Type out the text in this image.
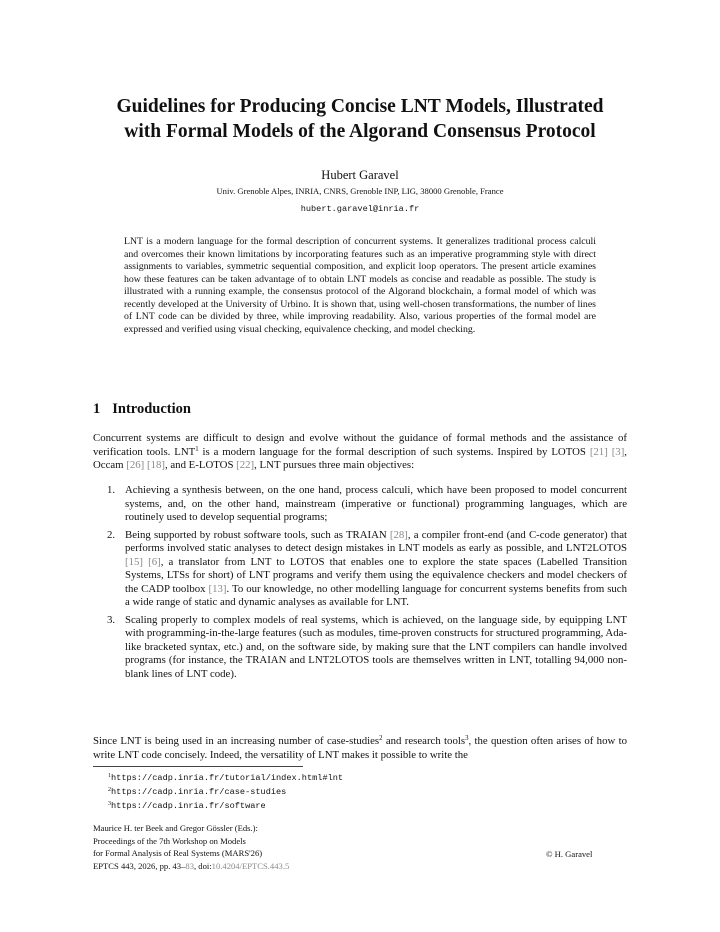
Guidelines for Producing Concise LNT Models, Illustrated
with Formal Models of the Algorand Consensus Protocol
Hubert Garavel
Univ. Grenoble Alpes, INRIA, CNRS, Grenoble INP, LIG, 38000 Grenoble, France
hubert.garavel@inria.fr

LNT is a modern language for the formal description of concurrent systems. It generalizes traditional process calculi and overcomes their known limitations by incorporating features such as an imperative programming style with direct assignments to variables, symmetric sequential composition, and explicit loop operators. The present article examines how these features can be taken advantage of to obtain LNT models as concise and readable as possible. The study is illustrated with a running example, the consensus protocol of the Algorand blockchain, a formal model of which was recently developed at the University of Urbino. It is shown that, using well-chosen transformations, the number of lines of LNT code can be divided by three, while improving readability. Also, various properties of the formal model are expressed and verified using visual checking, equivalence checking, and model checking.

1 Introduction

Concurrent systems are difficult to design and evolve without the guidance of formal methods and the assistance of verification tools. LNT$^1$ is a modern language for the formal description of such systems. Inspired by LOTOS [21] [3], Occam [26] [18], and E-LOTOS [22], LNT pursues three main objectives:

1. Achieving a synthesis between, on the one hand, process calculi, which have been proposed to model concurrent systems, and, on the other hand, mainstream (imperative or functional) programming languages, which are routinely used to develop sequential programs;
2. Being supported by robust software tools, such as TRAIAN [28], a compiler front-end (and C-code generator) that performs involved static analyses to detect design mistakes in LNT models as early as possible, and LNT2LOTOS [15] [6], a translator from LNT to LOTOS that enables one to explore the state spaces (Labelled Transition Systems, LTSs for short) of LNT programs and verify them using the equivalence checkers and model checkers of the CADP toolbox [13]. To our knowledge, no other modelling language for concurrent systems benefits from such a wide range of static and dynamic analyses as available for LNT.
3. Scaling properly to complex models of real systems, which is achieved, on the language side, by equipping LNT with programming-in-the-large features (such as modules, time-proven constructs for structured programming, Ada-like bracketed syntax, etc.) and, on the software side, by making sure that the LNT compilers can handle involved programs (for instance, the TRAIAN and LNT2LOTOS tools are themselves written in LNT, totalling 94,000 non-blank lines of LNT code).

Since LNT is being used in an increasing number of case-studies$^2$ and research tools$^3$, the question often arises of how to write LNT code concisely. Indeed, the versatility of LNT makes it possible to write the

$^1$https://cadp.inria.fr/tutorial/index.html#lnt
$^2$https://cadp.inria.fr/case-studies
$^3$https://cadp.inria.fr/software
Maurice H. ter Beek and Gregor Gössler (Eds.):
Proceedings of the 7th Workshop on Models
for Formal Analysis of Real Systems (MARS'26)
EPTCS 443, 2026, pp. 43–83, doi:10.4204/EPTCS.443.5
© H. Garavel
